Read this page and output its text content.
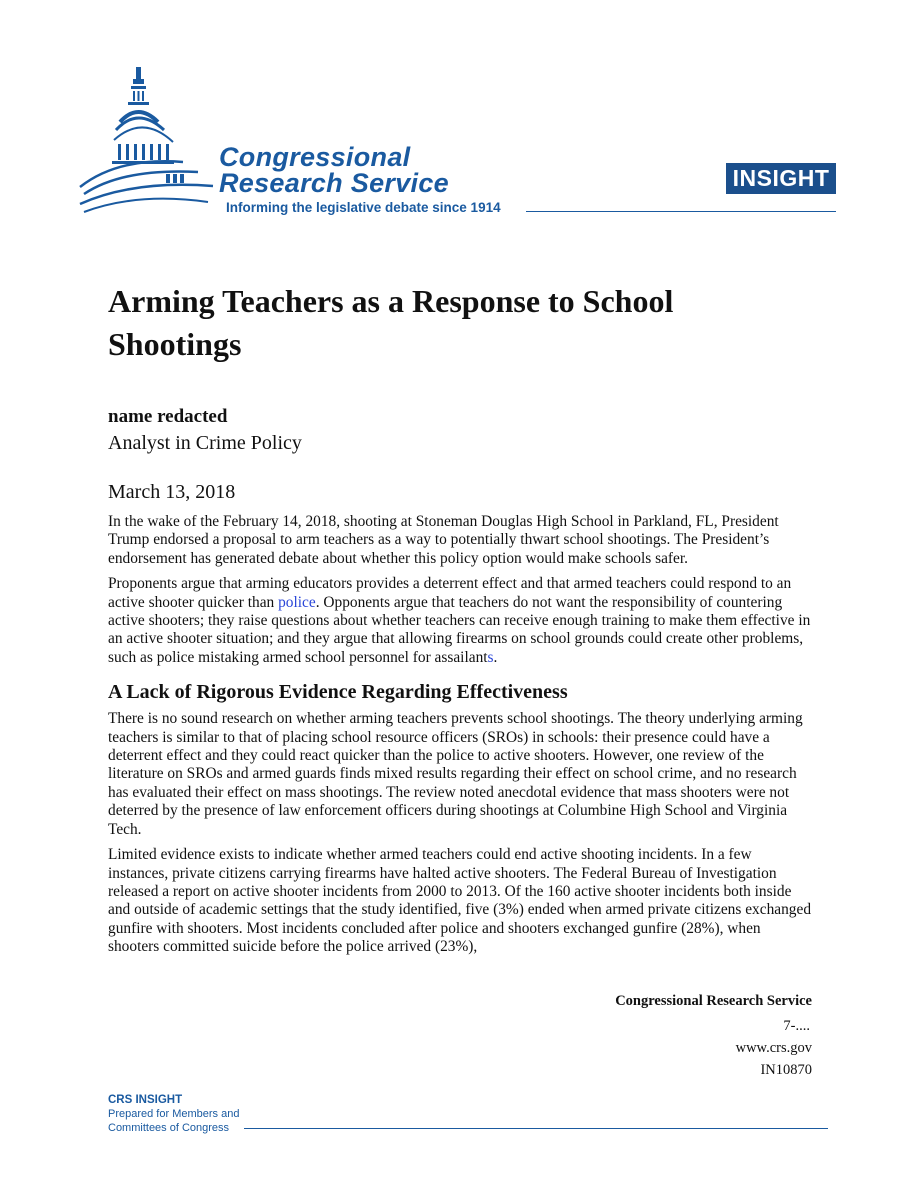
Congressional
Research Service
Informing the legislative debate since 1914
INSIGHT
Arming Teachers as a Response to School Shootings
name redacted
Analyst in Crime Policy
March 13, 2018

In the wake of the February 14, 2018, shooting at Stoneman Douglas High School in Parkland, FL, President Trump endorsed a proposal to arm teachers as a way to potentially thwart school shootings. The President’s endorsement has generated debate about whether this policy option would make schools safer.

Proponents argue that arming educators provides a deterrent effect and that armed teachers could respond to an active shooter quicker than police. Opponents argue that teachers do not want the responsibility of countering active shooters; they raise questions about whether teachers can receive enough training to make them effective in an active shooter situation; and they argue that allowing firearms on school grounds could create other problems, such as police mistaking armed school personnel for assailants.

A Lack of Rigorous Evidence Regarding Effectiveness

There is no sound research on whether arming teachers prevents school shootings. The theory underlying arming teachers is similar to that of placing school resource officers (SROs) in schools: their presence could have a deterrent effect and they could react quicker than the police to active shooters. However, one review of the literature on SROs and armed guards finds mixed results regarding their effect on school crime, and no research has evaluated their effect on mass shootings. The review noted anecdotal evidence that mass shooters were not deterred by the presence of law enforcement officers during shootings at Columbine High School and Virginia Tech.

Limited evidence exists to indicate whether armed teachers could end active shooting incidents. In a few instances, private citizens carrying firearms have halted active shooters. The Federal Bureau of Investigation released a report on active shooter incidents from 2000 to 2013. Of the 160 active shooter incidents both inside and outside of academic settings that the study identified, five (3%) ended when armed private citizens exchanged gunfire with shooters. Most incidents concluded after police and shooters exchanged gunfire (28%), when shooters committed suicide before the police arrived (23%),

Congressional Research Service
7-....
www.crs.gov
IN10870
CRS INSIGHT
Prepared for Members and
Committees of Congress
